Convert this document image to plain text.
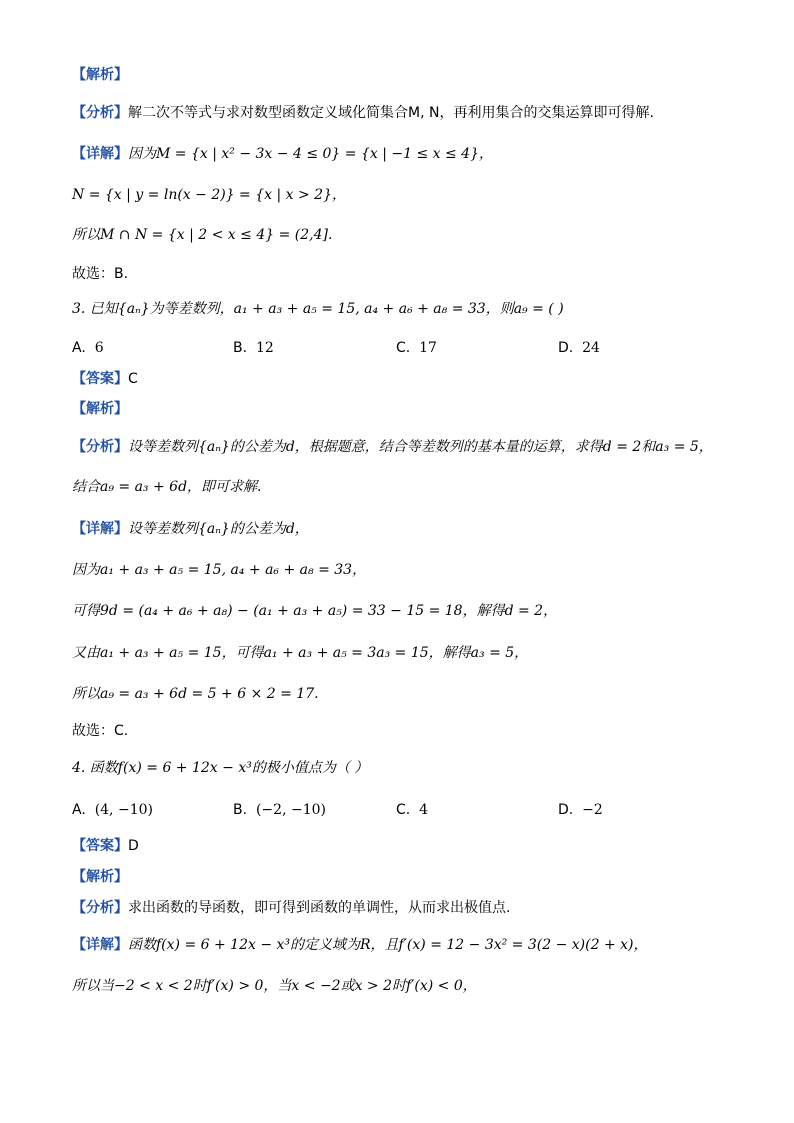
【解析】
【分析】解二次不等式与求对数型函数定义域化简集合M, N，再利用集合的交集运算即可得解.
【详解】因为M = {x | x² − 3x − 4 ≤ 0} = {x | −1 ≤ x ≤ 4}，
N = {x | y = ln(x − 2)} = {x | x > 2}，
所以M ∩ N = {x | 2 < x ≤ 4} = (2,4].
故选：B.
3. 已知{aₙ}为等差数列，a₁ + a₃ + a₅ = 15, a₄ + a₆ + a₈ = 33，则a₉ = ( )
A. 6	B. 12	C. 17	D. 24
【答案】C
【解析】
【分析】设等差数列{aₙ}的公差为d，根据题意，结合等差数列的基本量的运算，求得d = 2和a₃ = 5，
结合a₉ = a₃ + 6d，即可求解.
【详解】设等差数列{aₙ}的公差为d，
因为a₁ + a₃ + a₅ = 15, a₄ + a₆ + a₈ = 33，
可得9d = (a₄ + a₆ + a₈) − (a₁ + a₃ + a₅) = 33 − 15 = 18，解得d = 2，
又由a₁ + a₃ + a₅ = 15，可得a₁ + a₃ + a₅ = 3a₃ = 15，解得a₃ = 5，
所以a₉ = a₃ + 6d = 5 + 6 × 2 = 17.
故选：C.
4. 函数f(x) = 6 + 12x − x³的极小值点为（ ）
A. (4, −10)	B. (−2, −10)	C. 4	D. −2
【答案】D
【解析】
【分析】求出函数的导函数，即可得到函数的单调性，从而求出极值点.
【详解】函数f(x) = 6 + 12x − x³的定义域为R，且f′(x) = 12 − 3x² = 3(2 − x)(2 + x)，
所以当−2 < x < 2时f′(x) > 0，当x < −2或x > 2时f′(x) < 0，
